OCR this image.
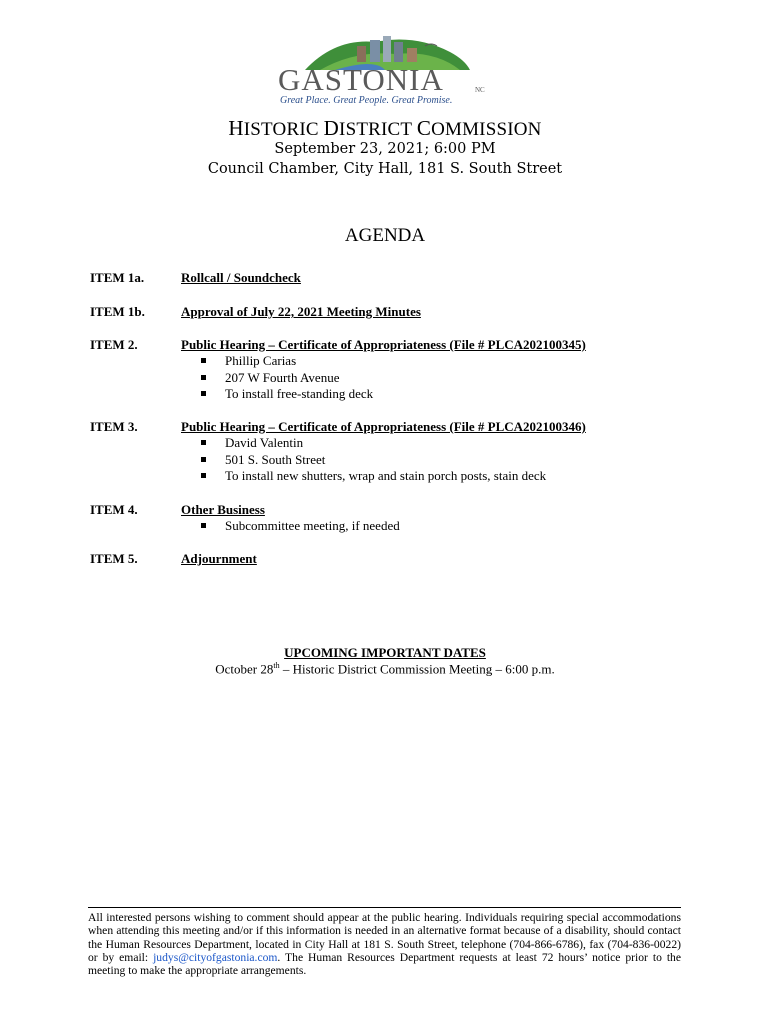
GASTONIA	NC
Great Place. Great People. Great Promise.
HISTORIC DISTRICT COMMISSION
September 23, 2021; 6:00 PM
Council Chamber, City Hall, 181 S. South Street
AGENDA
ITEM 1a.	Rollcall / Soundcheck
ITEM 1b.	Approval of July 22, 2021 Meeting Minutes
ITEM 2.	Public Hearing – Certificate of Appropriateness (File # PLCA202100345)
Phillip Carias
207 W Fourth Avenue
To install free-standing deck
ITEM 3.	Public Hearing – Certificate of Appropriateness (File # PLCA202100346)
David Valentin
501 S. South Street
To install new shutters, wrap and stain porch posts, stain deck
ITEM 4.	Other Business
Subcommittee meeting, if needed
ITEM 5.	Adjournment
UPCOMING IMPORTANT DATES
October 28th – Historic District Commission Meeting – 6:00 p.m.
All interested persons wishing to comment should appear at the public hearing. Individuals requiring special accommodations when attending this meeting and/or if this information is needed in an alternative format because of a disability, should contact the Human Resources Department, located in City Hall at 181 S. South Street, telephone (704-866-6786), fax (704-836-0022) or by email: judys@cityofgastonia.com. The Human Resources Department requests at least 72 hours’ notice prior to the meeting to make the appropriate arrangements.
